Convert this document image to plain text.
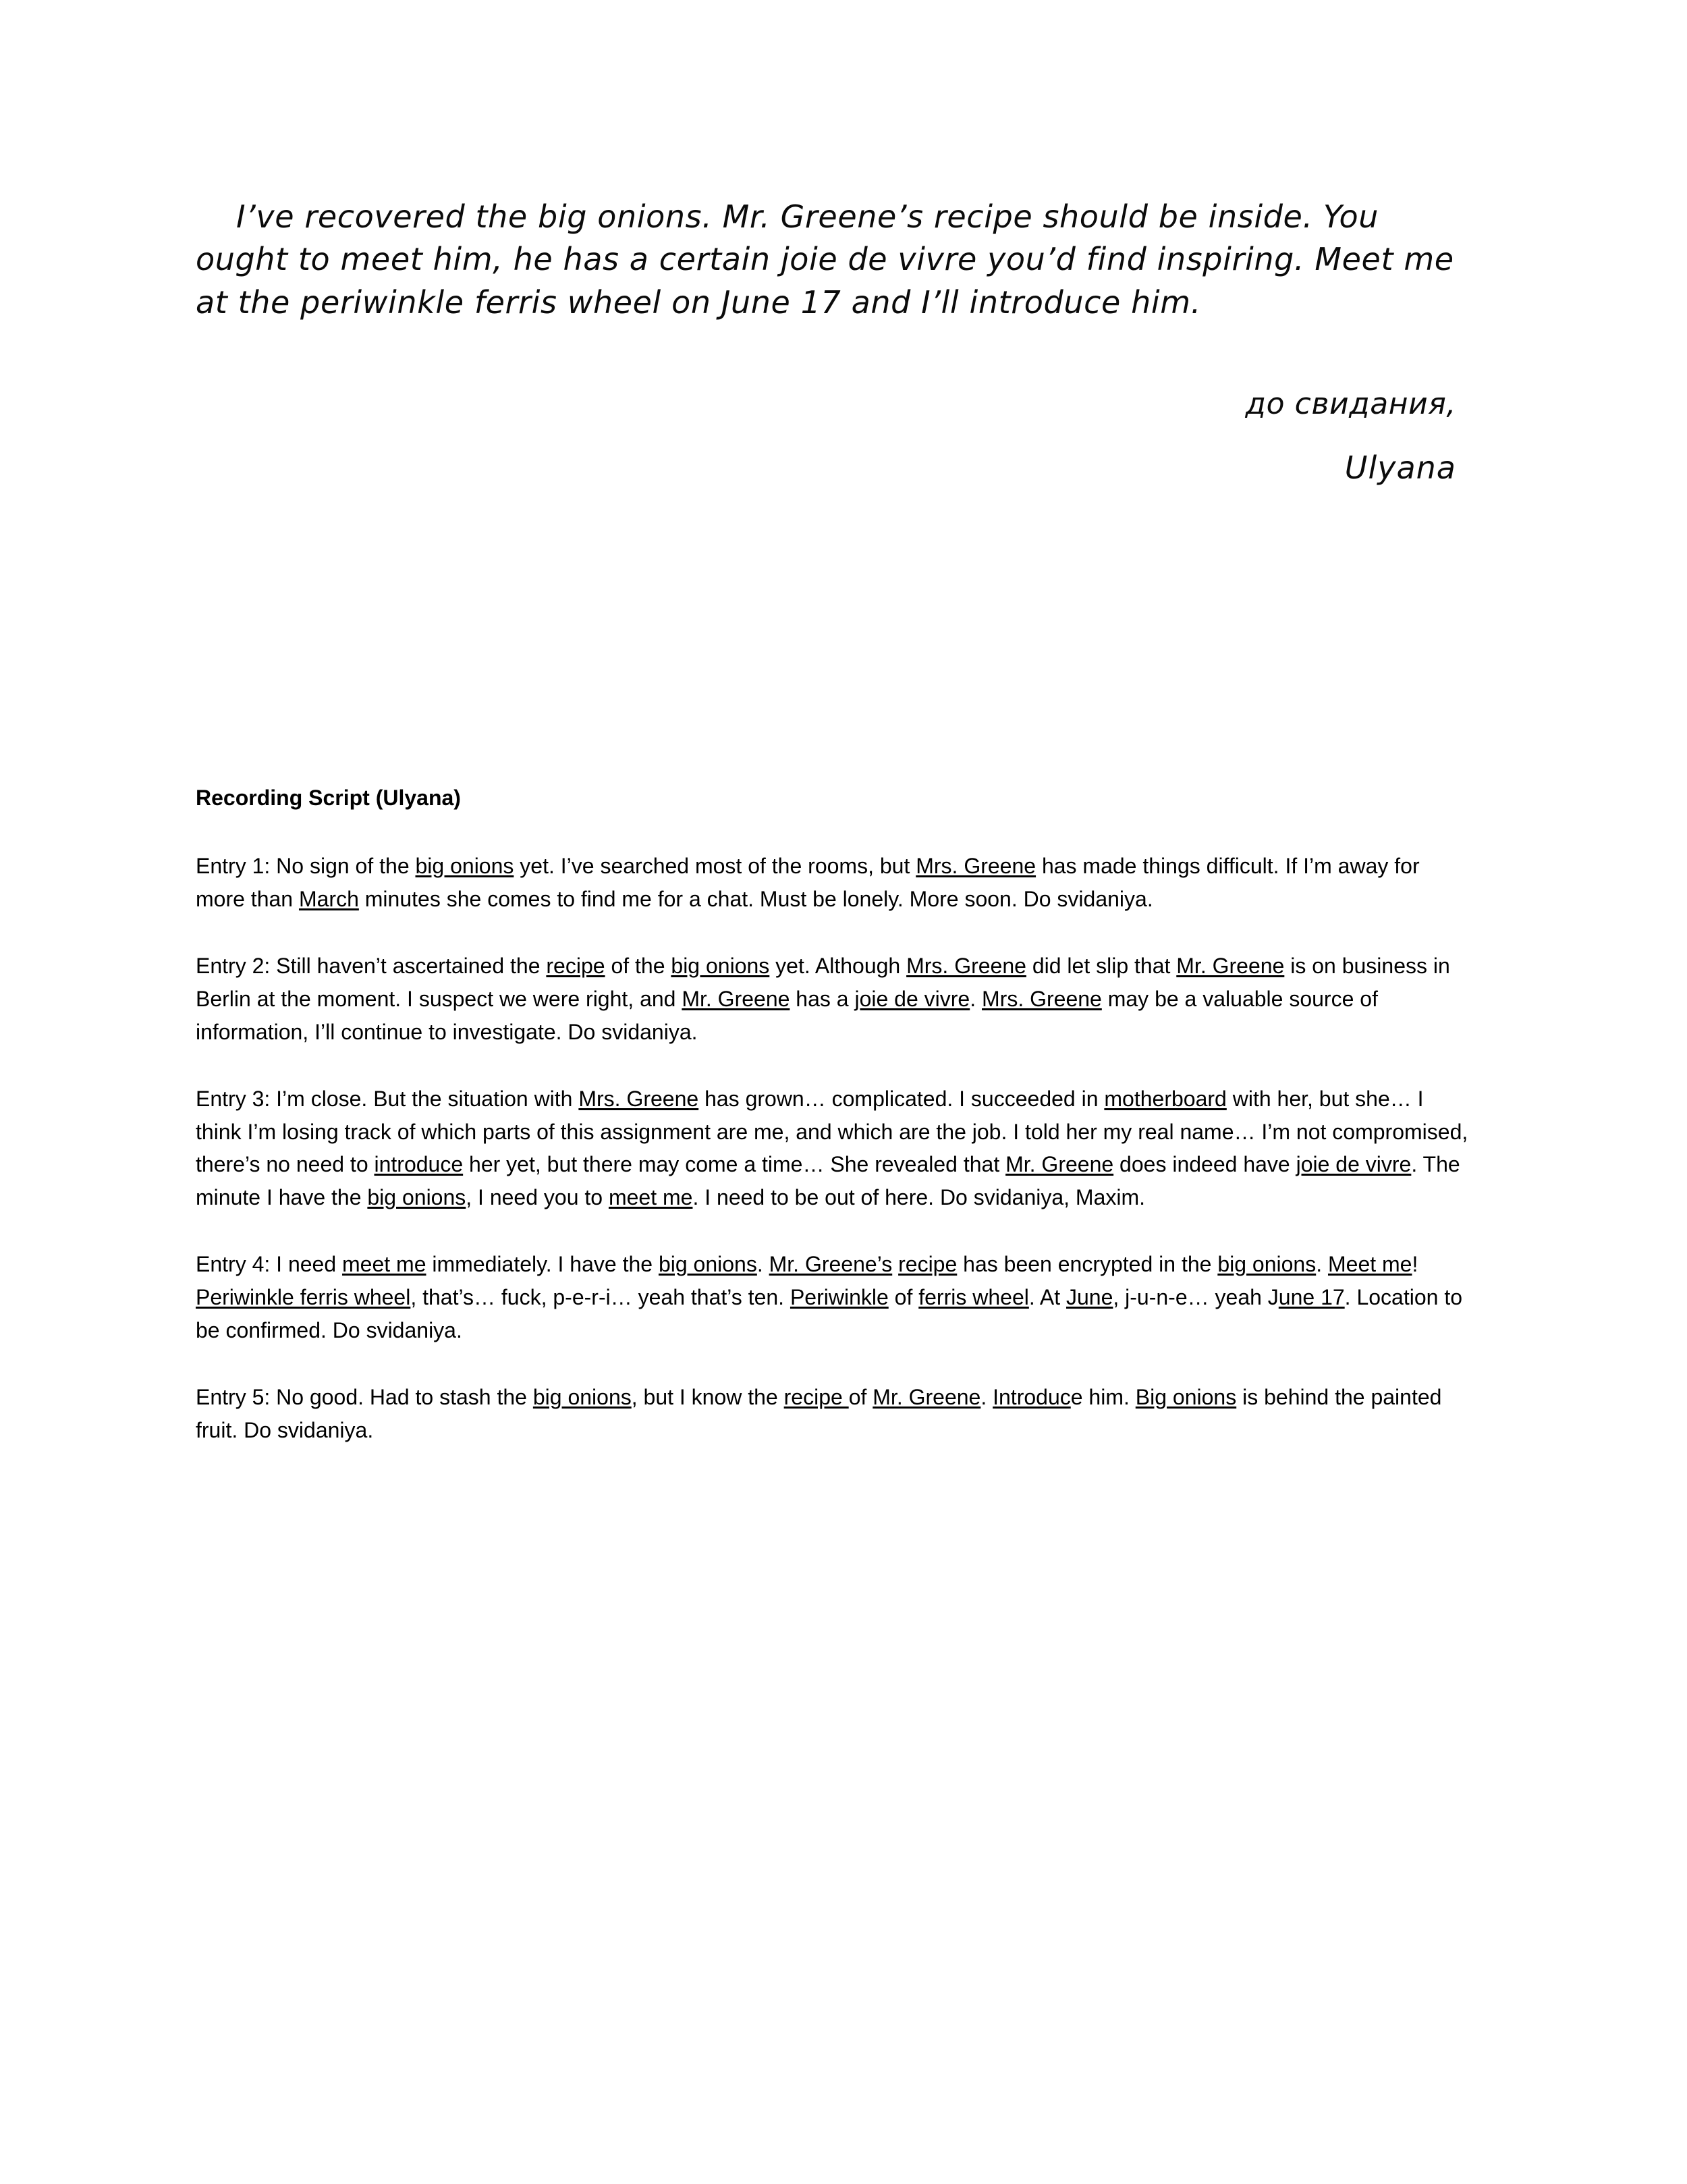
I’ve recovered the big onions. Mr. Greene’s recipe should be inside. You ought to meet him, he has a certain joie de vivre you’d find inspiring. Meet me at the periwinkle ferris wheel on June 17 and I’ll introduce him.
до свидания,
Ulyana
Recording Script (Ulyana)

Entry 1: No sign of the big onions yet. I’ve searched most of the rooms, but Mrs. Greene has made things difficult. If I’m away for more than March minutes she comes to find me for a chat. Must be lonely. More soon. Do svidaniya.

Entry 2: Still haven’t ascertained the recipe of the big onions yet. Although Mrs. Greene did let slip that Mr. Greene is on business in Berlin at the moment. I suspect we were right, and Mr. Greene has a joie de vivre. Mrs. Greene may be a valuable source of information, I’ll continue to investigate. Do svidaniya.

Entry 3: I’m close. But the situation with Mrs. Greene has grown… complicated. I succeeded in motherboard with her, but she… I think I’m losing track of which parts of this assignment are me, and which are the job. I told her my real name… I’m not compromised, there’s no need to introduce her yet, but there may come a time… She revealed that Mr. Greene does indeed have joie de vivre. The minute I have the big onions, I need you to meet me. I need to be out of here. Do svidaniya, Maxim.

Entry 4: I need meet me immediately. I have the big onions. Mr. Greene’s recipe has been encrypted in the big onions. Meet me! Periwinkle ferris wheel, that’s… fuck, p-e-r-i… yeah that’s ten. Periwinkle of ferris wheel. At June, j-u-n-e… yeah June 17. Location to be confirmed. Do svidaniya.

Entry 5: No good. Had to stash the big onions, but I know the recipe of Mr. Greene. Introduce him. Big onions is behind the painted fruit. Do svidaniya.
